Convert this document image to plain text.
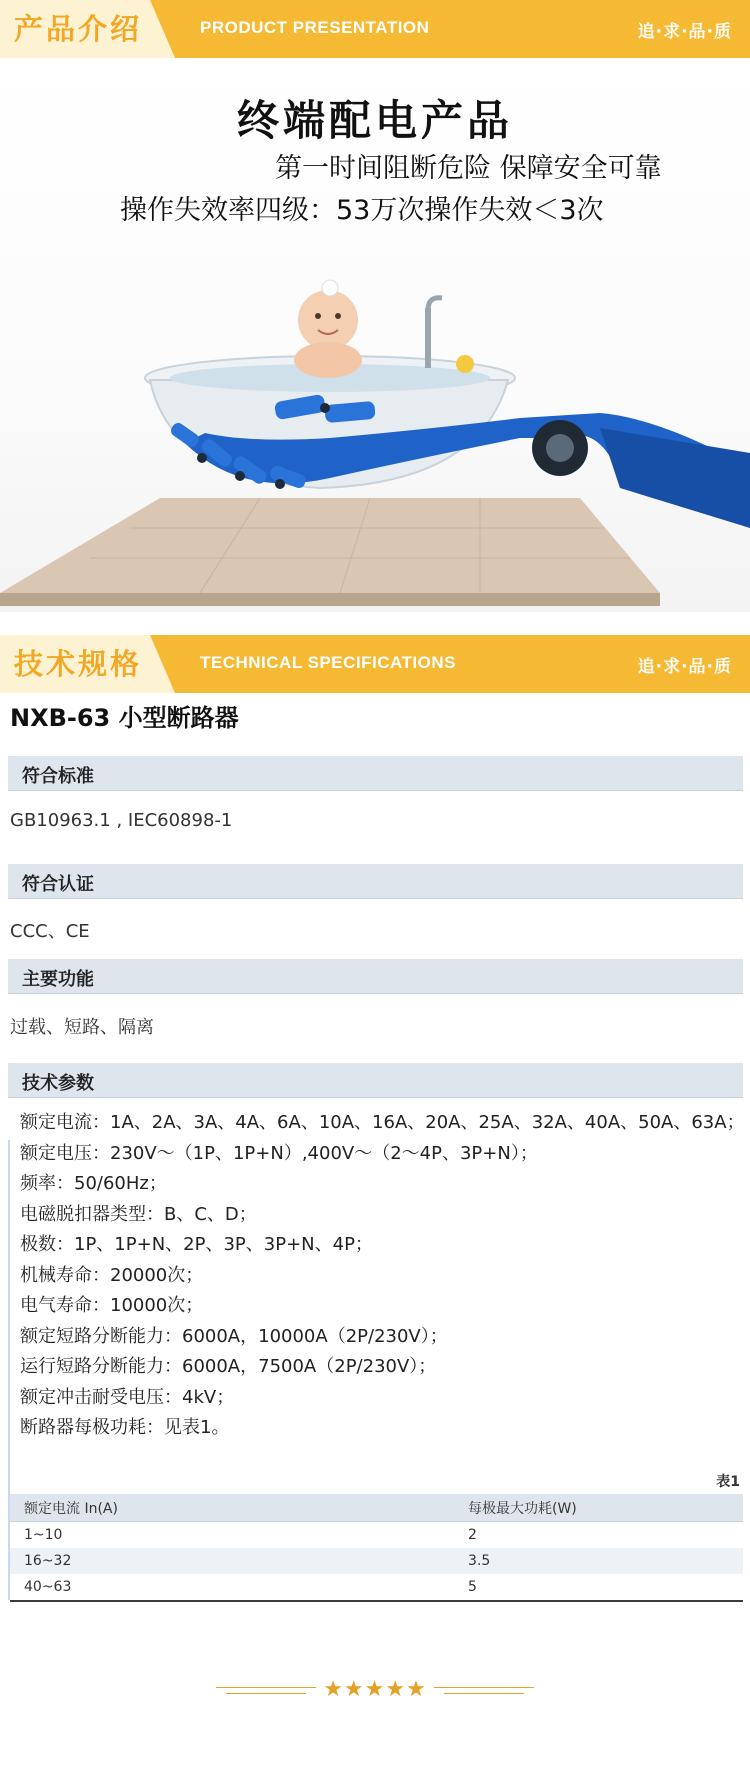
产品介绍	PRODUCT PRESENTATION	追·求·品·质
终端配电产品
第一时间阻断危险 保障安全可靠
操作失效率四级：53万次操作失效＜3次
技术规格	TECHNICAL SPECIFICATIONS	追·求·品·质
NXB-63 小型断路器
符合标准
GB10963.1 , IEC60898-1
符合认证
CCC、CE
主要功能
过载、短路、隔离
技术参数
额定电流：1A、2A、3A、4A、6A、10A、16A、20A、25A、32A、40A、50A、63A；
额定电压：230V～（1P、1P+N）,400V～（2～4P、3P+N）；
频率：50/60Hz；
电磁脱扣器类型：B、C、D；
极数：1P、1P+N、2P、3P、3P+N、4P；
机械寿命：20000次；
电气寿命：10000次；
额定短路分断能力：6000A，10000A（2P/230V）；
运行短路分断能力：6000A，7500A（2P/230V）；
额定冲击耐受电压：4kV；
断路器每极功耗：见表1。
表1
额定电流 In(A)	每极最大功耗(W)
1~10	2
16~32	3.5
40~63	5
★★★★★
